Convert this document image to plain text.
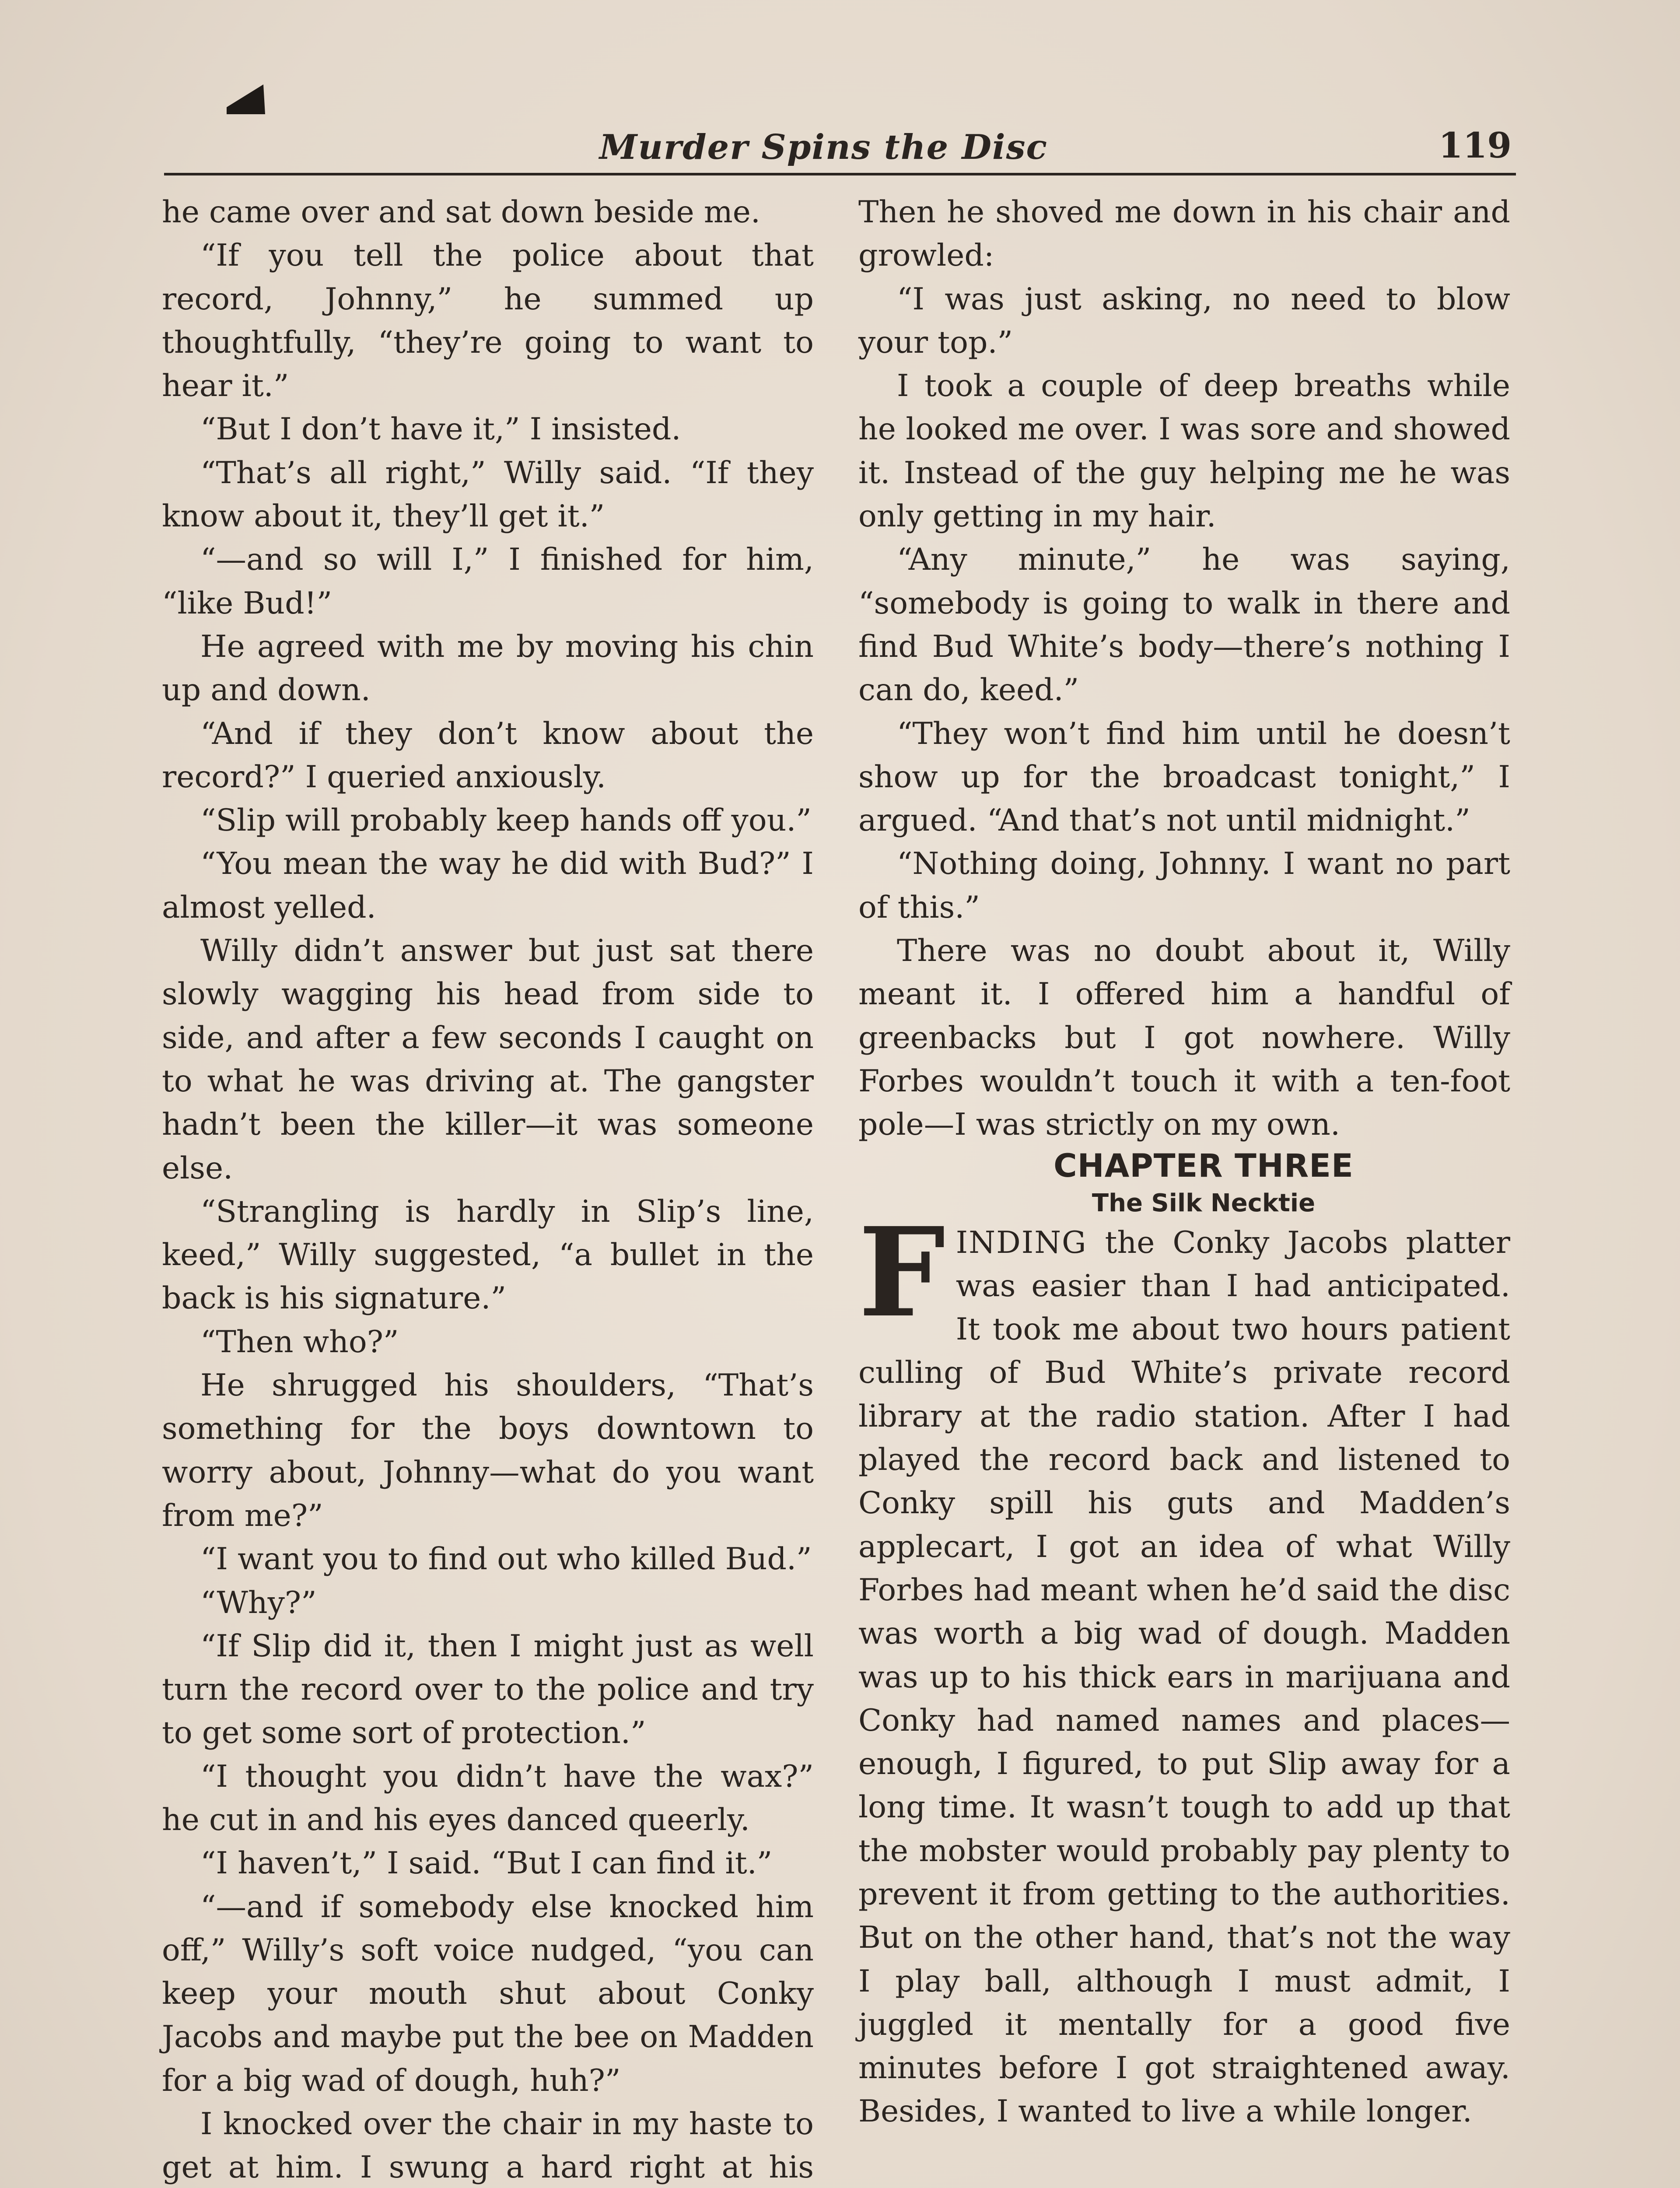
Murder Spins the Disc	119

he came over and sat down beside me.

“If you tell the police about that record, Johnny,” he summed up thoughtfully, “they’re going to want to hear it.”

“But I don’t have it,” I insisted.

“That’s all right,” Willy said. “If they know about it, they’ll get it.”

“—and so will I,” I finished for him, “like Bud!”

He agreed with me by moving his chin up and down.

“And if they don’t know about the record?” I queried anxiously.

“Slip will probably keep hands off you.”

“You mean the way he did with Bud?” I almost yelled.

Willy didn’t answer but just sat there slowly wagging his head from side to side, and after a few seconds I caught on to what he was driving at. The gangster hadn’t been the killer—it was someone else.

“Strangling is hardly in Slip’s line, keed,” Willy suggested, “a bullet in the back is his signature.”

“Then who?”

He shrugged his shoulders, “That’s something for the boys downtown to worry about, Johnny—what do you want from me?”

“I want you to find out who killed Bud.”

“Why?”

“If Slip did it, then I might just as well turn the record over to the police and try to get some sort of protection.”

“I thought you didn’t have the wax?” he cut in and his eyes danced queerly.

“I haven’t,” I said. “But I can find it.”

“—and if somebody else knocked him off,” Willy’s soft voice nudged, “you can keep your mouth shut about Conky Jacobs and maybe put the bee on Madden for a big wad of dough, huh?”

I knocked over the chair in my haste to get at him. I swung a hard right at his

Then he shoved me down in his chair and growled:

“I was just asking, no need to blow your top.”

I took a couple of deep breaths while he looked me over. I was sore and showed it. Instead of the guy helping me he was only getting in my hair.

“Any minute,” he was saying, “somebody is going to walk in there and find Bud White’s body—there’s nothing I can do, keed.”

“They won’t find him until he doesn’t show up for the broadcast tonight,” I argued. “And that’s not until midnight.”

“Nothing doing, Johnny. I want no part of this.”

There was no doubt about it, Willy meant it. I offered him a handful of greenbacks but I got nowhere. Willy Forbes wouldn’t touch it with a ten-foot pole—I was strictly on my own.

CHAPTER THREE

The Silk Necktie

FINDING the Conky Jacobs platter was easier than I had anticipated. It took me about two hours patient culling of Bud White’s private record library at the radio station. After I had played the record back and listened to Conky spill his guts and Madden’s applecart, I got an idea of what Willy Forbes had meant when he’d said the disc was worth a big wad of dough. Madden was up to his thick ears in marijuana and Conky had named names and places—enough, I figured, to put Slip away for a long time. It wasn’t tough to add up that the mobster would probably pay plenty to prevent it from getting to the authorities. But on the other hand, that’s not the way I play ball, although I must admit, I juggled it mentally for a good five minutes before I got straightened away. Besides, I wanted to live a while longer.
